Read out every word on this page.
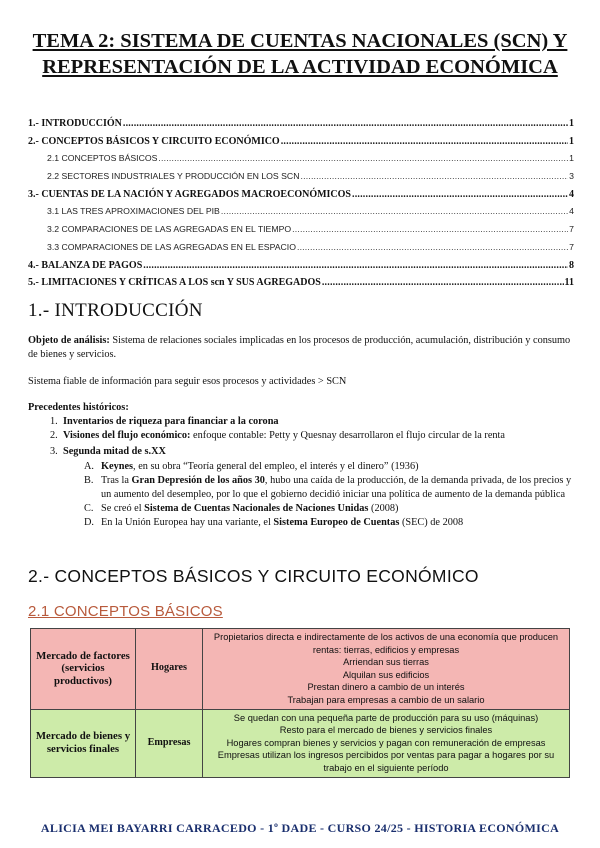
TEMA 2: SISTEMA DE CUENTAS NACIONALES (SCN) Y REPRESENTACIÓN DE LA ACTIVIDAD ECONÓMICA
1.- INTRODUCCIÓN .....	1
2.- CONCEPTOS BÁSICOS Y CIRCUITO ECONÓMICO .....	1
2.1 CONCEPTOS BÁSICOS .....	1
2.2 SECTORES INDUSTRIALES Y PRODUCCIÓN EN LOS SCN .....	3
3.- CUENTAS DE LA NACIÓN Y AGREGADOS MACROECONÓMICOS .....	4
3.1 LAS TRES APROXIMACIONES DEL PIB .....	4
3.2 COMPARACIONES DE LAS AGREGADAS EN EL TIEMPO .....	7
3.3 COMPARACIONES DE LAS AGREGADAS EN EL ESPACIO .....	7
4.- BALANZA DE PAGOS .....	8
5.- LIMITACIONES Y CRÍTICAS A LOS scn Y SUS AGREGADOS .....	11
1.- INTRODUCCIÓN
Objeto de análisis: Sistema de relaciones sociales implicadas en los procesos de producción, acumulación, distribución y consumo de bienes y servicios.
Sistema fiable de información para seguir esos procesos y actividades > SCN
Precedentes históricos:
1. Inventarios de riqueza para financiar a la corona
2. Visiones del flujo económico: enfoque contable: Petty y Quesnay desarrollaron el flujo circular de la renta
3. Segunda mitad de s.XX
A. Keynes, en su obra “Teoría general del empleo, el interés y el dinero” (1936)
B. Tras la Gran Depresión de los años 30, hubo una caída de la producción, de la demanda privada, de los precios y un aumento del desempleo, por lo que el gobierno decidió iniciar una política de aumento de la demanda pública
C. Se creó el Sistema de Cuentas Nacionales de Naciones Unidas (2008)
D. En la Unión Europea hay una variante, el Sistema Europeo de Cuentas (SEC) de 2008
2.- CONCEPTOS BÁSICOS Y CIRCUITO ECONÓMICO
2.1 CONCEPTOS BÁSICOS
Mercado de factores (servicios productivos)	Hogares	Propietarios directa e indirectamente de los activos de una economía que producen rentas: tierras, edificios y empresas
Arriendan sus tierras
Alquilan sus edificios
Prestan dinero a cambio de un interés
Trabajan para empresas a cambio de un salario

Mercado de bienes y servicios finales	Empresas	Se quedan con una pequeña parte de producción para su uso (máquinas)
Resto para el mercado de bienes y servicios finales
Hogares compran bienes y servicios y pagan con remuneración de empresas
Empresas utilizan los ingresos percibidos por ventas para pagar a hogares por su trabajo en el siguiente período
ALICIA MEI BAYARRI CARRACEDO - 1º DADE - CURSO 24/25 - HISTORIA ECONÓMICA
